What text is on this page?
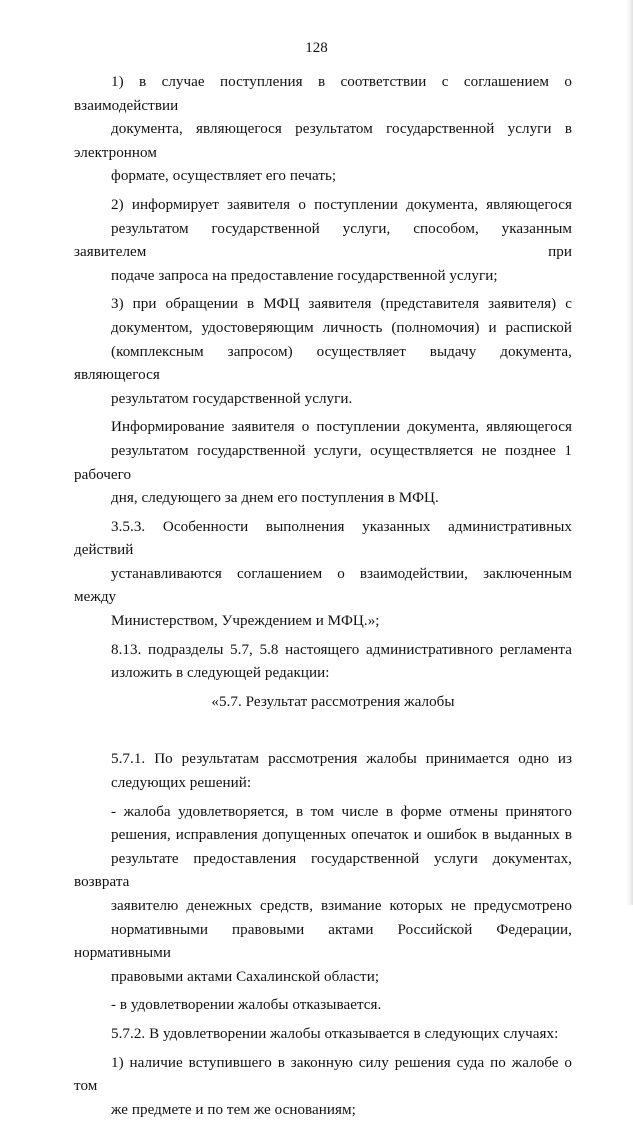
128

1) в случае поступления в соответствии с соглашением о взаимодействии
документа, являющегося результатом государственной услуги в электронном
формате, осуществляет его печать;

2) информирует заявителя о поступлении документа, являющегося
результатом государственной услуги, способом, указанным заявителем при
подаче запроса на предоставление государственной услуги;

3) при обращении в МФЦ заявителя (представителя заявителя) с
документом, удостоверяющим личность (полномочия) и распиской
(комплексным запросом) осуществляет выдачу документа, являющегося
результатом государственной услуги.

Информирование заявителя о поступлении документа, являющегося
результатом государственной услуги, осуществляется не позднее 1 рабочего
дня, следующего за днем его поступления в МФЦ.

3.5.3. Особенности выполнения указанных административных действий
устанавливаются соглашением о взаимодействии, заключенным между
Министерством, Учреждением и МФЦ.»;

8.13. подразделы 5.7, 5.8 настоящего административного регламента
изложить в следующей редакции:

«5.7. Результат рассмотрения жалобы

5.7.1. По результатам рассмотрения жалобы принимается одно из
следующих решений:

- жалоба удовлетворяется, в том числе в форме отмены принятого
решения, исправления допущенных опечаток и ошибок в выданных в
результате предоставления государственной услуги документах, возврата
заявителю денежных средств, взимание которых не предусмотрено
нормативными правовыми актами Российской Федерации, нормативными
правовыми актами Сахалинской области;

- в удовлетворении жалобы отказывается.

5.7.2. В удовлетворении жалобы отказывается в следующих случаях:

1) наличие вступившего в законную силу решения суда по жалобе о том
же предмете и по тем же основаниям;
